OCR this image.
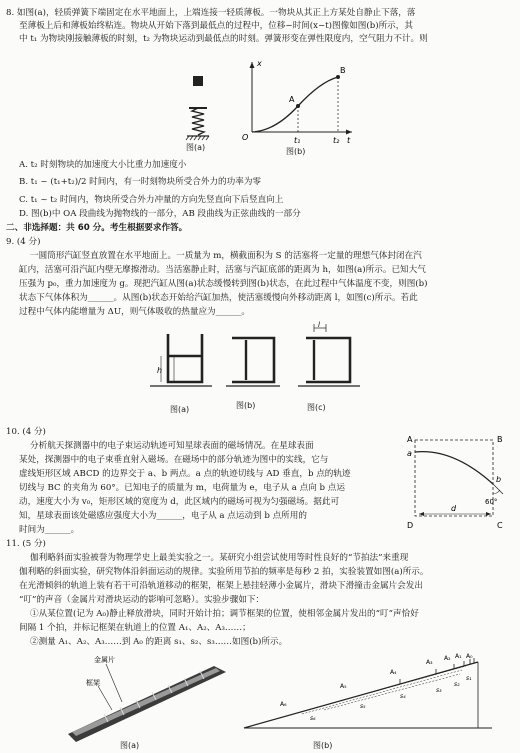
8. 如图(a)，轻质弹簧下端固定在水平地面上，上端连接一轻质薄板。一物块从其正上方某处自静止下落，落

至薄板上后和薄板始终粘连。物块从开始下落到最低点的过程中，位移−时间(x−t)图像如图(b)所示，其

中 t₁ 为物块刚接触薄板的时刻，t₂ 为物块运动到最低点的时刻。弹簧形变在弹性限度内，空气阻力不计。则

图(a)
x
O	t
A
B
t₁	t₂
图(b)

A. t₂ 时刻物块的加速度大小比重力加速度小

B. t₁ ~ (t₁+t₂)/2 时间内，有一时刻物块所受合外力的功率为零

C. t₁ ~ t₂ 时间内，物块所受合外力冲量的方向先竖直向下后竖直向上

D. 图(b)中 OA 段曲线为抛物线的一部分，AB 段曲线为正弦曲线的一部分

二、非选择题：共 60 分。考生根据要求作答。

9. (4 分)

一圆筒形汽缸竖直放置在水平地面上。一质量为 m，横截面积为 S 的活塞将一定量的理想气体封闭在汽

缸内，活塞可沿汽缸内壁无摩擦滑动。当活塞静止时，活塞与汽缸底部的距离为 h，如图(a)所示。已知大气

压强为 p₀，重力加速度为 g。现把汽缸从图(a)状态缓慢转到图(b)状态，在此过程中气体温度不变，则图(b)

状态下气体体积为______。从图(b)状态开始给汽缸加热，使活塞缓慢向外移动距离 l，如图(c)所示。若此

过程中气体内能增量为 ΔU，则气体吸收的热量应为______。

h
l
图(a)	图(b)	图(c)

10. (4 分)

分析航天探测器中的电子束运动轨迹可知星球表面的磁场情况。在星球表面

某处，探测器中的电子束垂直射入磁场。在磁场中的部分轨迹为图中的实线，它与

虚线矩形区域 ABCD 的边界交于 a、b 两点。a 点的轨迹切线与 AD 垂直，b 点的轨迹

切线与 BC 的夹角为 60°。已知电子的质量为 m，电荷量为 e，电子从 a 点向 b 点运

动，速度大小为 v₀，矩形区域的宽度为 d，此区域内的磁场可视为匀强磁场。据此可

知，星球表面该处磁感应强度大小为______，电子从 a 点运动到 b 点所用的

时间为______。

A	B
C
D
a
b
60°
d

11. (5 分)

伽利略斜面实验被誉为物理学史上最美实验之一。某研究小组尝试使用等时性良好的“节拍法”来重现

伽利略的斜面实验，研究物体沿斜面运动的规律。实验所用节拍的频率是每秒 2 拍，实验装置如图(a)所示。

在光滑倾斜的轨道上装有若干可沿轨道移动的框架，框架上悬挂轻薄小金属片，滑块下滑撞击金属片会发出

“叮”的声音（金属片对滑块运动的影响可忽略）。实验步骤如下：

①从某位置(记为 A₀)静止释放滑块，同时开始计拍；调节框架的位置，使相邻金属片发出的“叮”声恰好

间隔 1 个拍，并标记框架在轨道上的位置 A₁、A₂、A₃……；

②测量 A₁、A₂、A₃……到 A₀ 的距离 s₁、s₂、s₃……如图(b)所示。

金属片
框架
图(a)
A₀
A₁
A₂
A₃
A₄
A₅
A₆
s₁
s₂
s₃
s₄
s₅
s₆
图(b)
